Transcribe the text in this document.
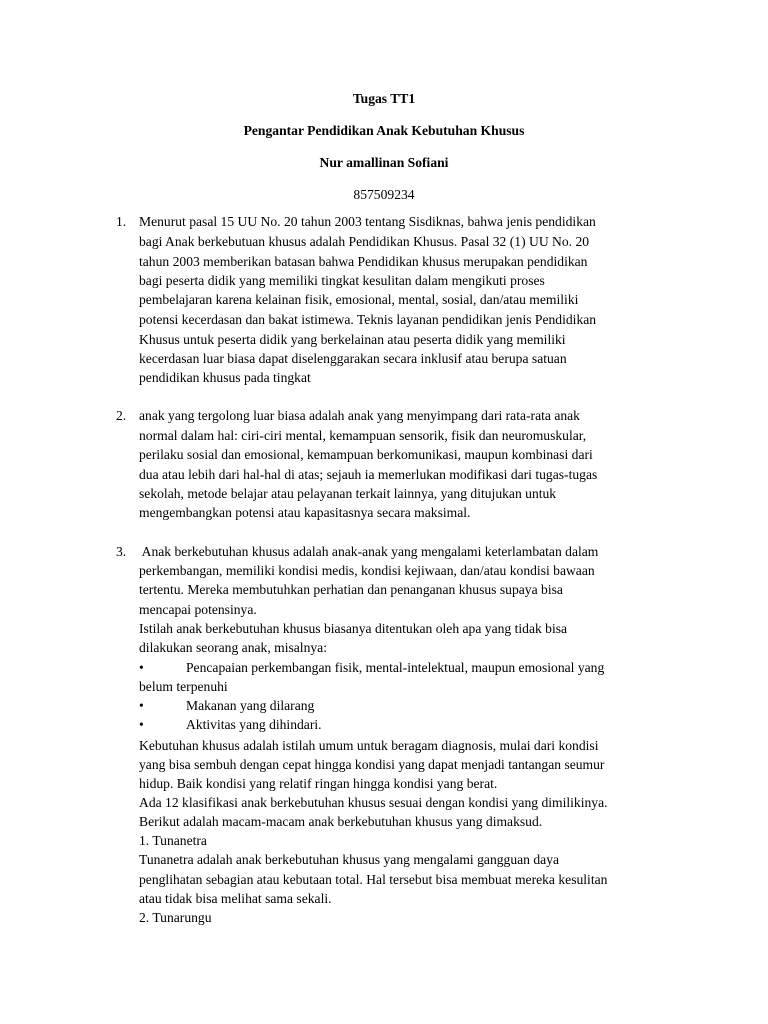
Tugas TT1
Pengantar Pendidikan Anak Kebutuhan Khusus
Nur amallinan Sofiani
857509234
1. Menurut pasal 15 UU No. 20 tahun 2003 tentang Sisdiknas, bahwa jenis pendidikan
bagi Anak berkebutuan khusus adalah Pendidikan Khusus. Pasal 32 (1) UU No. 20
tahun 2003 memberikan batasan bahwa Pendidikan khusus merupakan pendidikan
bagi peserta didik yang memiliki tingkat kesulitan dalam mengikuti proses
pembelajaran karena kelainan fisik, emosional, mental, sosial, dan/atau memiliki
potensi kecerdasan dan bakat istimewa. Teknis layanan pendidikan jenis Pendidikan
Khusus untuk peserta didik yang berkelainan atau peserta didik yang memiliki
kecerdasan luar biasa dapat diselenggarakan secara inklusif atau berupa satuan
pendidikan khusus pada tingkat
2. anak yang tergolong luar biasa adalah anak yang menyimpang dari rata-rata anak
normal dalam hal: ciri-ciri mental, kemampuan sensorik, fisik dan neuromuskular,
perilaku sosial dan emosional, kemampuan berkomunikasi, maupun kombinasi dari
dua atau lebih dari hal-hal di atas; sejauh ia memerlukan modifikasi dari tugas-tugas
sekolah, metode belajar atau pelayanan terkait lainnya, yang ditujukan untuk
mengembangkan potensi atau kapasitasnya secara maksimal.
3. Anak berkebutuhan khusus adalah anak-anak yang mengalami keterlambatan dalam
perkembangan, memiliki kondisi medis, kondisi kejiwaan, dan/atau kondisi bawaan
tertentu. Mereka membutuhkan perhatian dan penanganan khusus supaya bisa
mencapai potensinya.
Istilah anak berkebutuhan khusus biasanya ditentukan oleh apa yang tidak bisa
dilakukan seorang anak, misalnya:
•	Pencapaian perkembangan fisik, mental-intelektual, maupun emosional yang
belum terpenuhi
•	Makanan yang dilarang
•	Aktivitas yang dihindari.
Kebutuhan khusus adalah istilah umum untuk beragam diagnosis, mulai dari kondisi
yang bisa sembuh dengan cepat hingga kondisi yang dapat menjadi tantangan seumur
hidup. Baik kondisi yang relatif ringan hingga kondisi yang berat.
Ada 12 klasifikasi anak berkebutuhan khusus sesuai dengan kondisi yang dimilikinya.
Berikut adalah macam-macam anak berkebutuhan khusus yang dimaksud.
1. Tunanetra
Tunanetra adalah anak berkebutuhan khusus yang mengalami gangguan daya
penglihatan sebagian atau kebutaan total. Hal tersebut bisa membuat mereka kesulitan
atau tidak bisa melihat sama sekali.
2. Tunarungu
